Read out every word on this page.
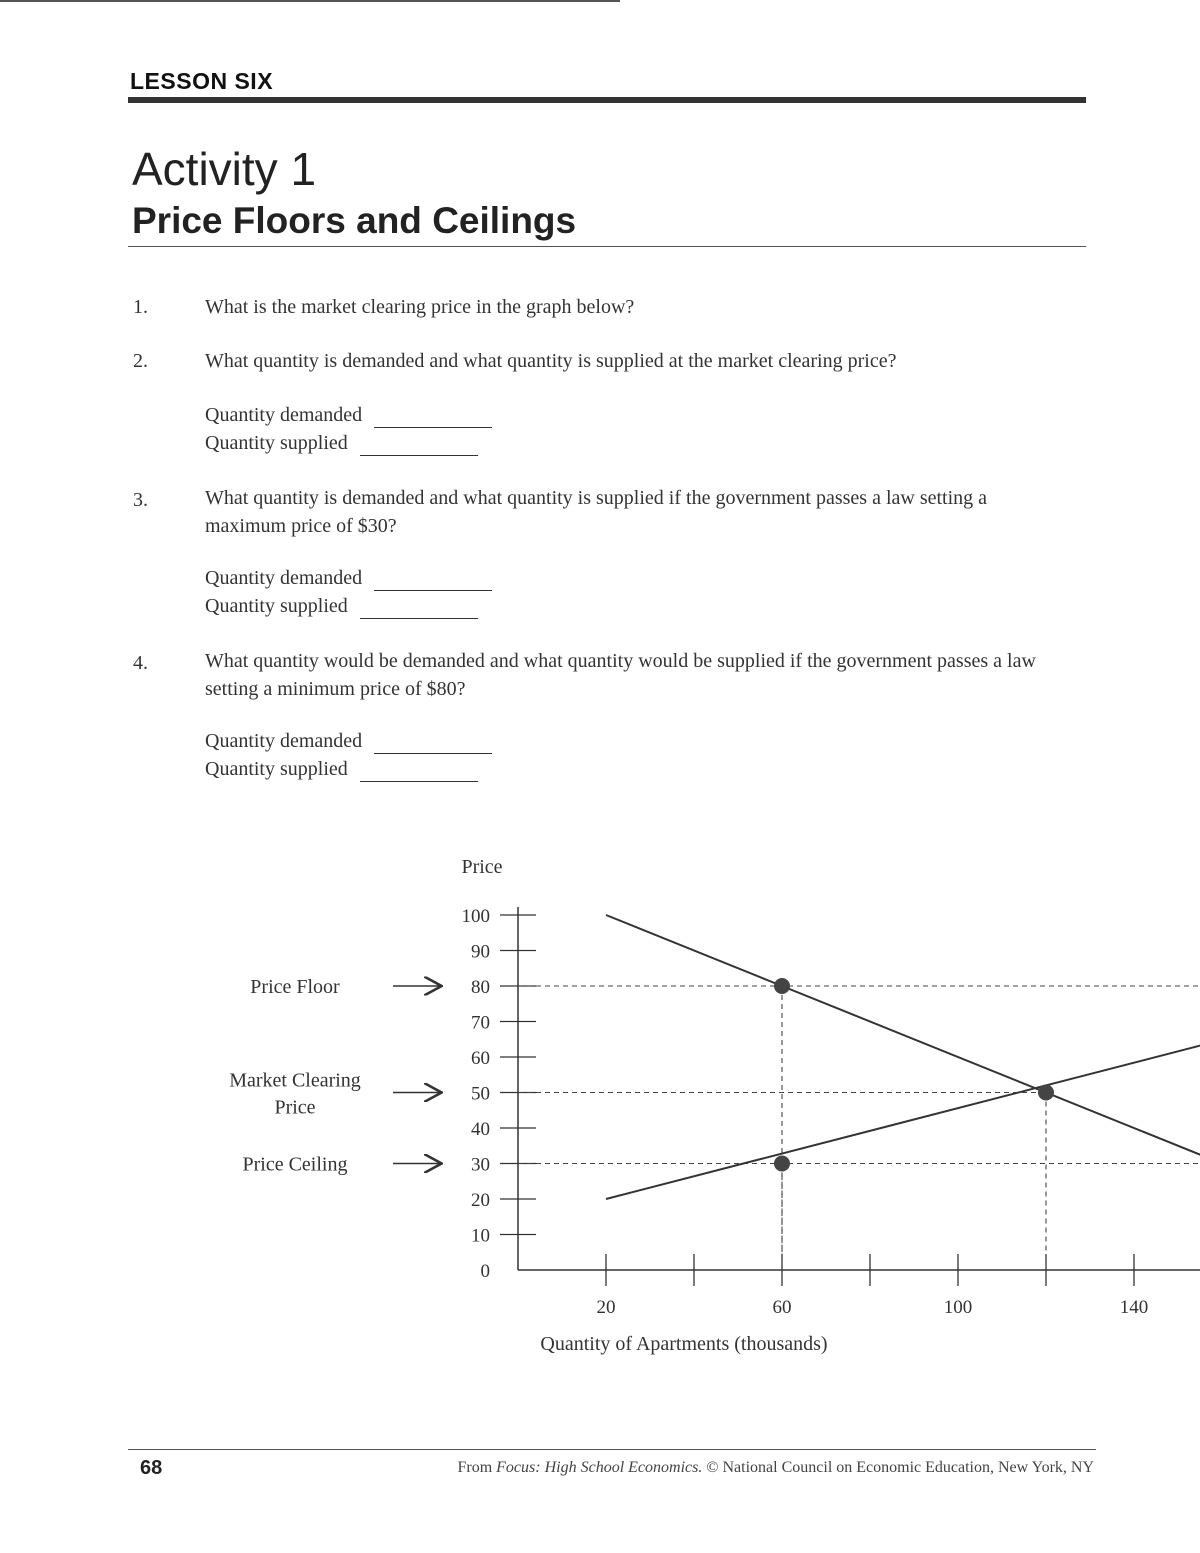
LESSON SIX
Activity 1
Price Floors and Ceilings
1.	What is the market clearing price in the graph below?
2.	What quantity is demanded and what quantity is supplied at the market clearing price?
Quantity demanded
Quantity supplied
3.	What quantity is demanded and what quantity is supplied if the government passes a law setting a maximum price of $30?
Quantity demanded
Quantity supplied
4.	What quantity would be demanded and what quantity would be supplied if the government passes a law setting a minimum price of $80?
Quantity demanded
Quantity supplied
Price
Quantity of Apartments (thousands)
100
90
80
70
60
50
40
30
20
10
0
20	60	100	140
Price Floor
Market Clearing Price
Price Ceiling
68	From Focus: High School Economics. © National Council on Economic Education, New York, NY
